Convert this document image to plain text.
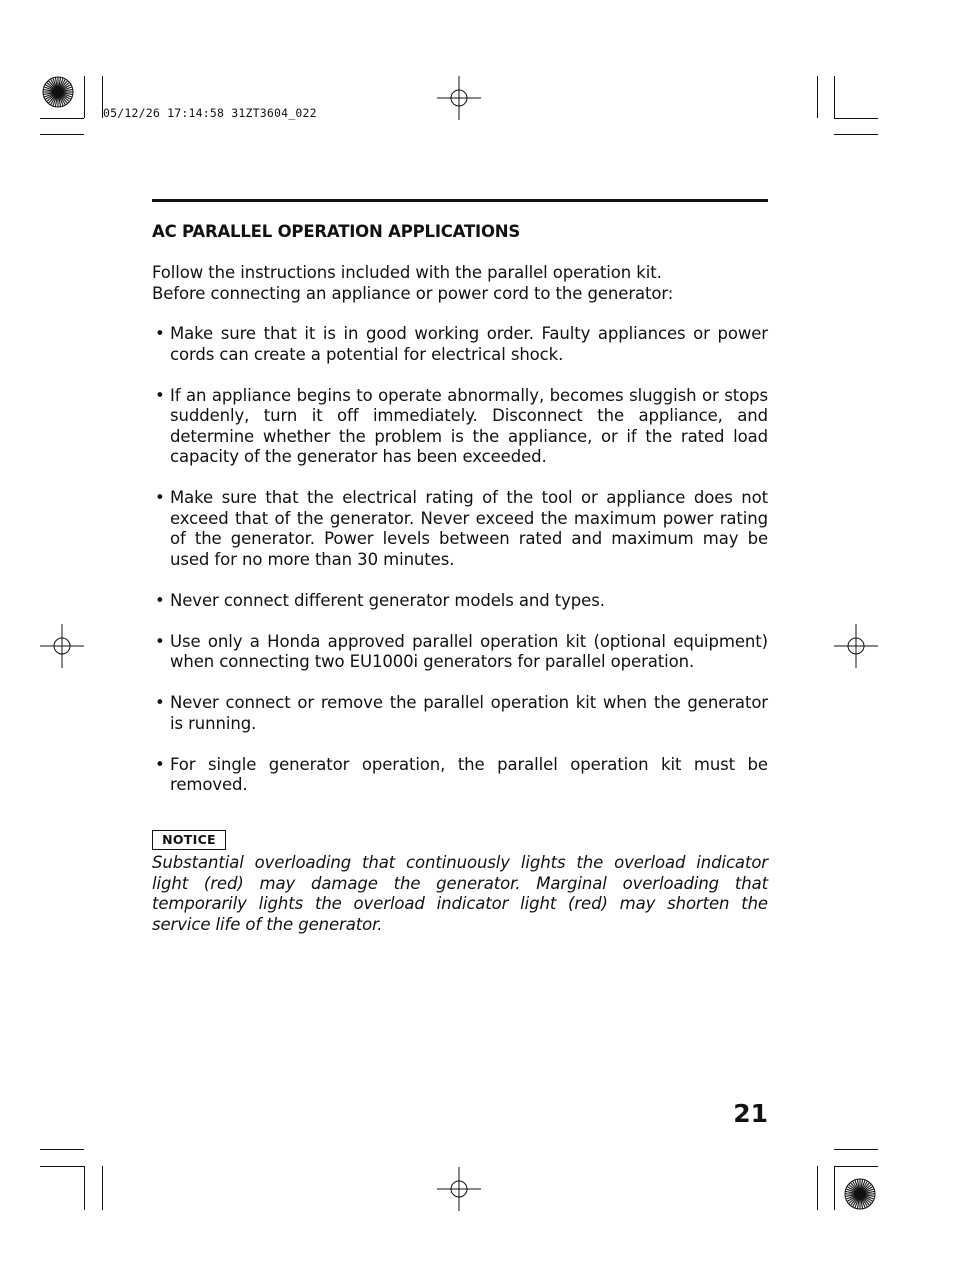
05/12/26 17:14:58 31ZT3604_022
AC PARALLEL OPERATION APPLICATIONS
Follow the instructions included with the parallel operation kit.
Before connecting an appliance or power cord to the generator:
• Make sure that it is in good working order. Faulty appliances or power cords can create a potential for electrical shock.
• If an appliance begins to operate abnormally, becomes sluggish or stops suddenly, turn it off immediately. Disconnect the appliance, and determine whether the problem is the appliance, or if the rated load capacity of the generator has been exceeded.
• Make sure that the electrical rating of the tool or appliance does not exceed that of the generator. Never exceed the maximum power rating of the generator. Power levels between rated and maximum may be used for no more than 30 minutes.
• Never connect different generator models and types.
• Use only a Honda approved parallel operation kit (optional equipment) when connecting two EU1000i generators for parallel operation.
• Never connect or remove the parallel operation kit when the generator is running.
• For single generator operation, the parallel operation kit must be removed.
NOTICE
Substantial overloading that continuously lights the overload indicator light (red) may damage the generator. Marginal overloading that temporarily lights the overload indicator light (red) may shorten the service life of the generator.
21
